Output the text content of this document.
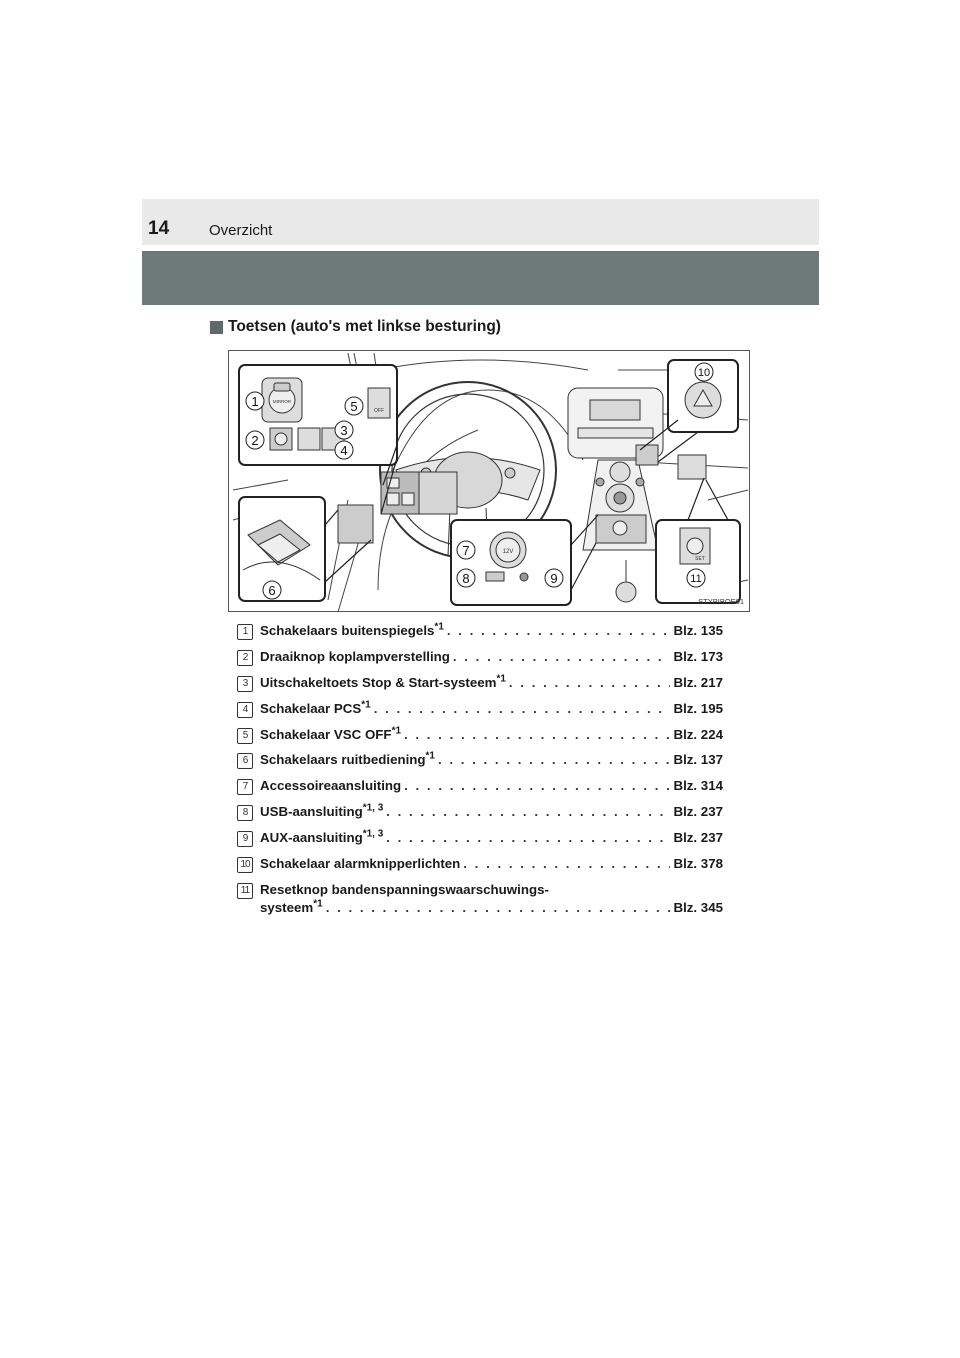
14	Overzicht
Toetsen (auto's met linkse besturing)
MIRROR
OFF
12V
SET
1
2
3
4
5
6
7
8	9
10
11
STYPIBOE01
1 Schakelaars buitenspiegels$^{*1}$ . . .	Blz. 135
2 Draaiknop koplampverstelling . . .	Blz. 173
3 Uitschakeltoets Stop & Start-systeem$^{*1}$ . . .	Blz. 217
4 Schakelaar PCS$^{*1}$ . . .	Blz. 195
5 Schakelaar VSC OFF$^{*1}$ . . .	Blz. 224
6 Schakelaars ruitbediening$^{*1}$ . . .	Blz. 137
7 Accessoireaansluiting . . .	Blz. 314
8 USB-aansluiting$^{*1, 3}$ . . .	Blz. 237
9 AUX-aansluiting$^{*1, 3}$ . . .	Blz. 237
10 Schakelaar alarmknipperlichten . . .	Blz. 378
11 Resetknop bandenspanningswaarschuwings-
systeem$^{*1}$ . . .	Blz. 345
